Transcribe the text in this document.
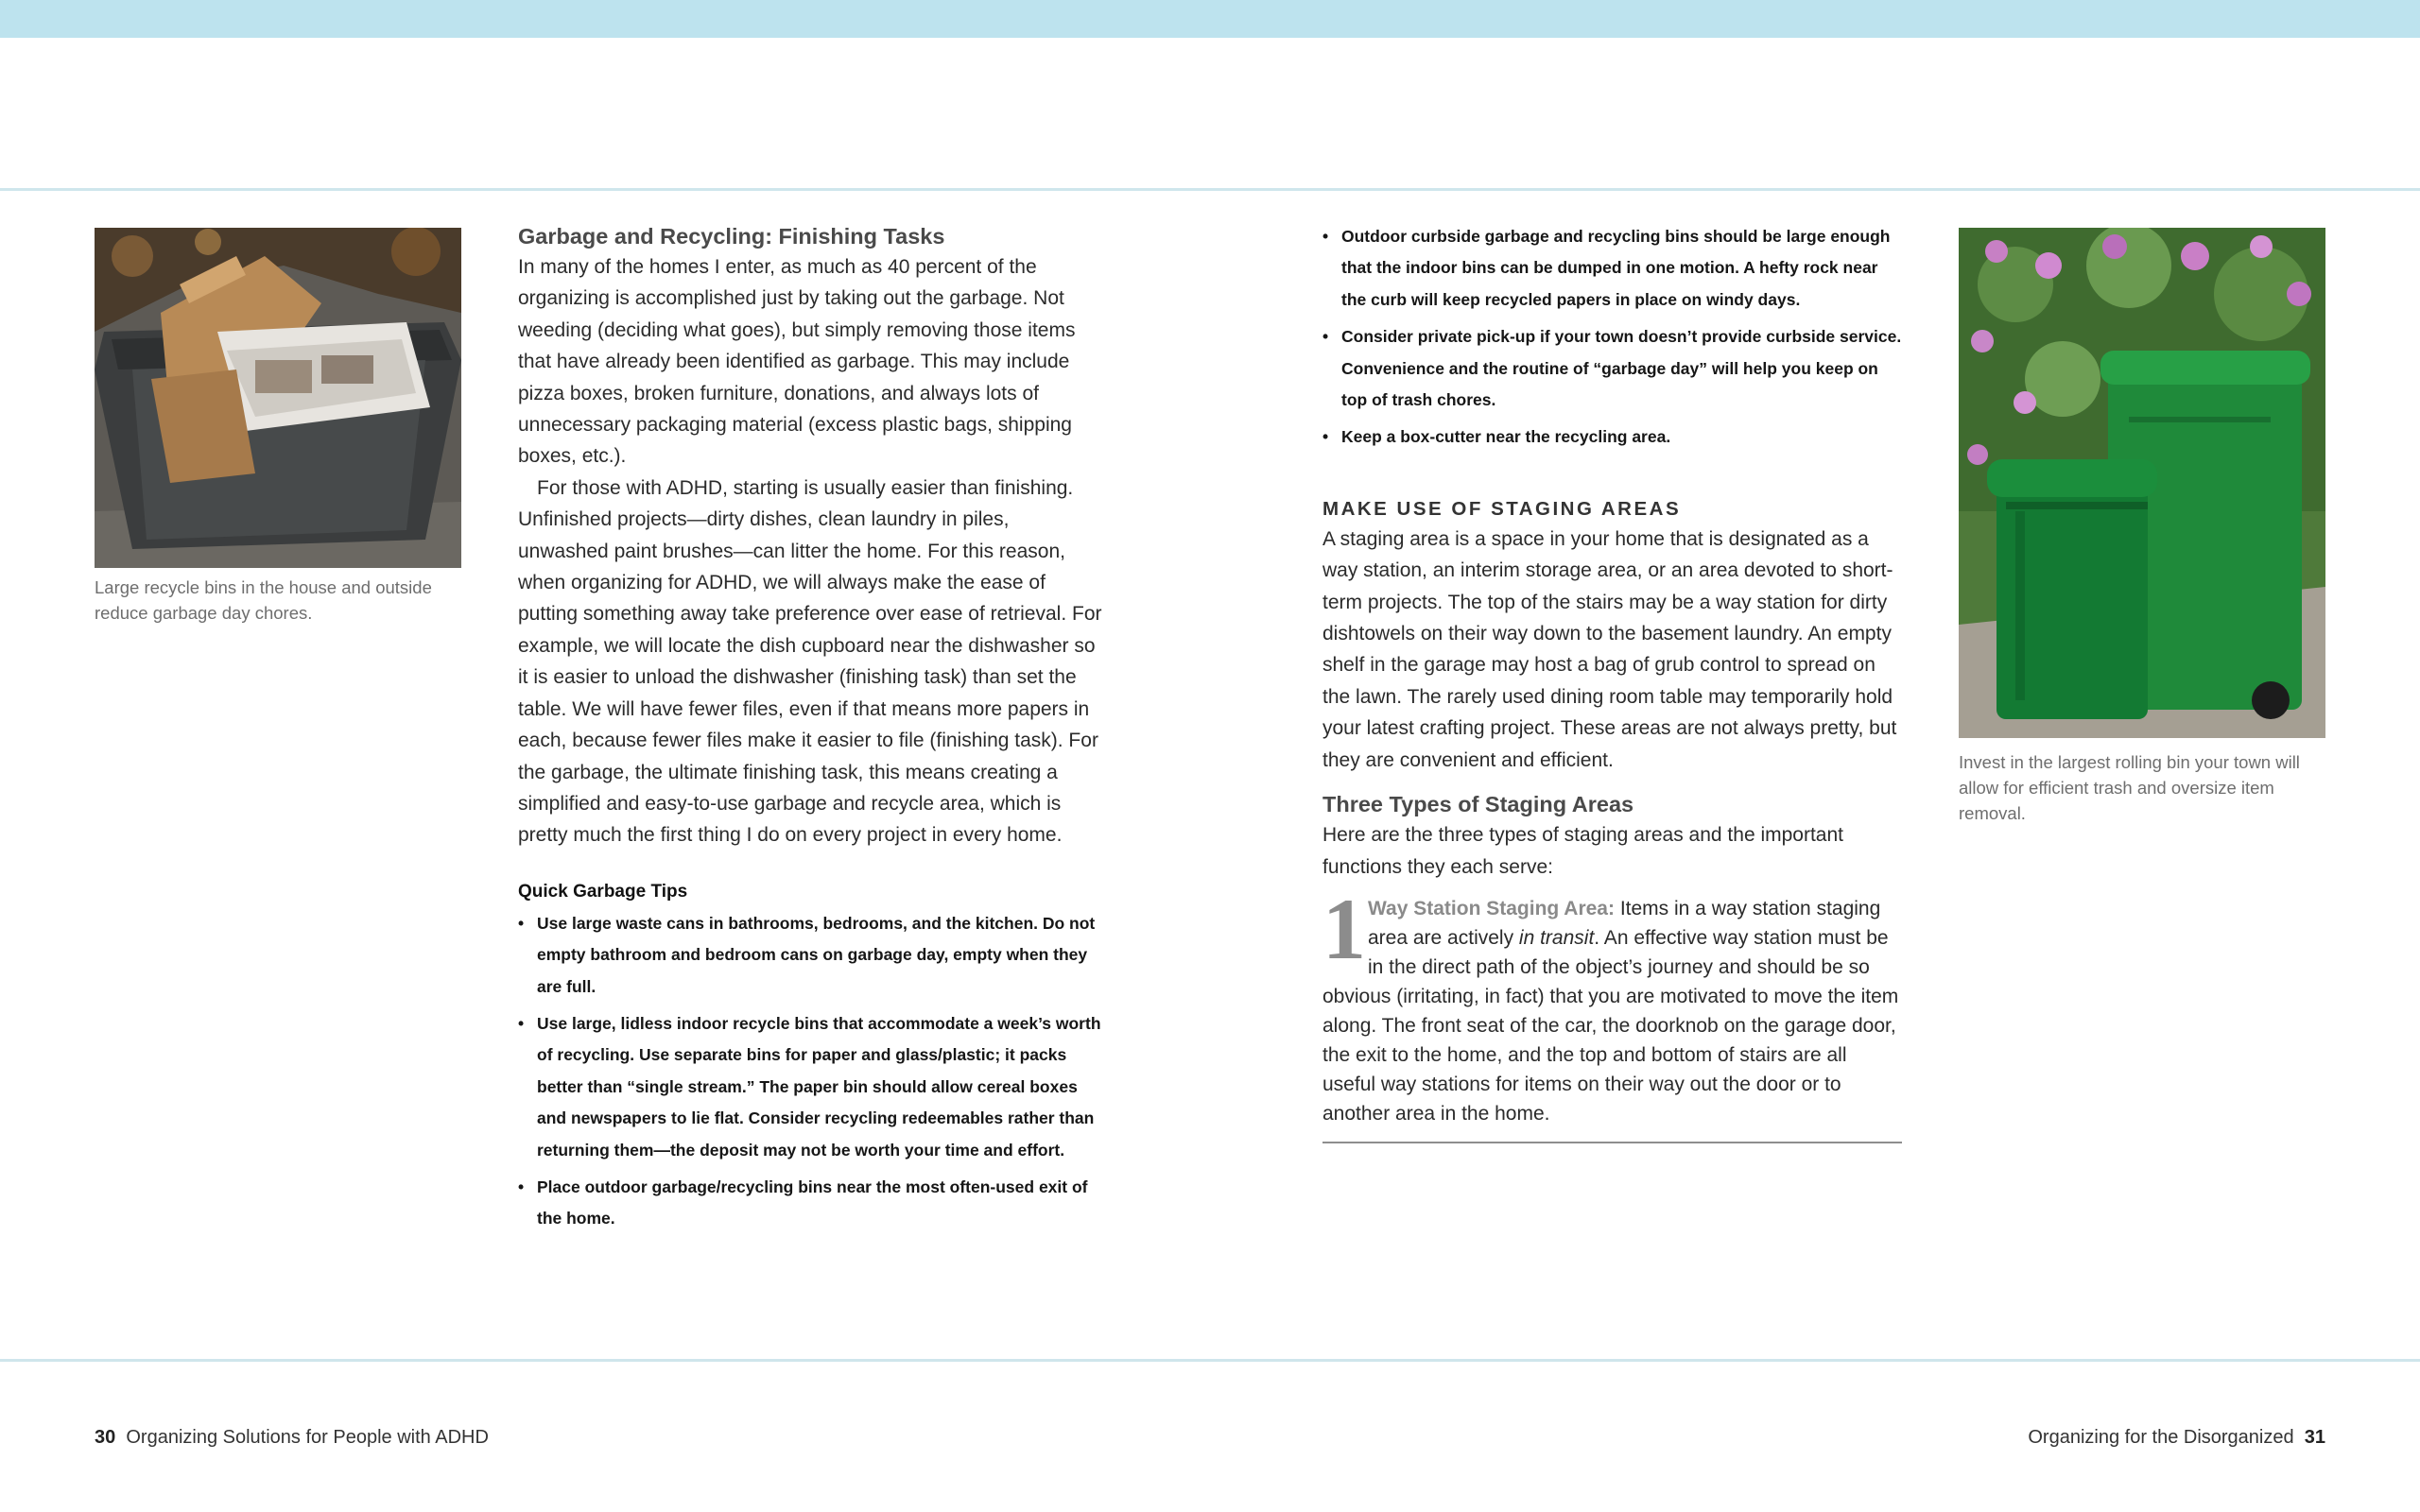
Large recycle bins in the house and outside reduce garbage day chores.
Garbage and Recycling: Finishing Tasks

In many of the homes I enter, as much as 40 percent of the organizing is accomplished just by taking out the garbage. Not weeding (deciding what goes), but simply removing those items that have already been identified as garbage. This may include pizza boxes, broken furniture, donations, and always lots of unnecessary packaging material (excess plastic bags, shipping boxes, etc.).

For those with ADHD, starting is usually easier than finishing. Unfinished projects—dirty dishes, clean laundry in piles, unwashed paint brushes—can litter the home. For this reason, when organizing for ADHD, we will always make the ease of putting something away take preference over ease of retrieval. For example, we will locate the dish cupboard near the dishwasher so it is easier to unload the dishwasher (finishing task) than set the table. We will have fewer files, even if that means more papers in each, because fewer files make it easier to file (finishing task). For the garbage, the ultimate finishing task, this means creating a simplified and easy-to-use garbage and recycle area, which is pretty much the first thing I do on every project in every home.

Quick Garbage Tips
• Use large waste cans in bathrooms, bedrooms, and the kitchen. Do not empty bathroom and bedroom cans on garbage day, empty when they are full.
• Use large, lidless indoor recycle bins that accommodate a week’s worth of recycling. Use separate bins for paper and glass/plastic; it packs better than “single stream.” The paper bin should allow cereal boxes and newspapers to lie flat. Consider recycling redeemables rather than returning them—the deposit may not be worth your time and effort.
• Place outdoor garbage/recycling bins near the most often-used exit of the home.
• Outdoor curbside garbage and recycling bins should be large enough that the indoor bins can be dumped in one motion. A hefty rock near the curb will keep recycled papers in place on windy days.
• Consider private pick-up if your town doesn’t provide curbside service. Convenience and the routine of “garbage day” will help you keep on top of trash chores.
• Keep a box-cutter near the recycling area.
MAKE USE OF STAGING AREAS
A staging area is a space in your home that is designated as a way station, an interim storage area, or an area devoted to short-term projects. The top of the stairs may be a way station for dirty dishtowels on their way down to the basement laundry. An empty shelf in the garage may host a bag of grub control to spread on the lawn. The rarely used dining room table may temporarily hold your latest crafting project. These areas are not always pretty, but they are convenient and efficient.
Three Types of Staging Areas
Here are the three types of staging areas and the important functions they each serve:
1 Way Station Staging Area: Items in a way station staging area are actively in transit. An effective way station must be in the direct path of the object’s journey and should be so obvious (irritating, in fact) that you are motivated to move the item along. The front seat of the car, the doorknob on the garage door, the exit to the home, and the top and bottom of stairs are all useful way stations for items on their way out the door or to another area in the home.
Invest in the largest rolling bin your town will allow for efficient trash and oversize item removal.
30 Organizing Solutions for People with ADHD	Organizing for the Disorganized 31
